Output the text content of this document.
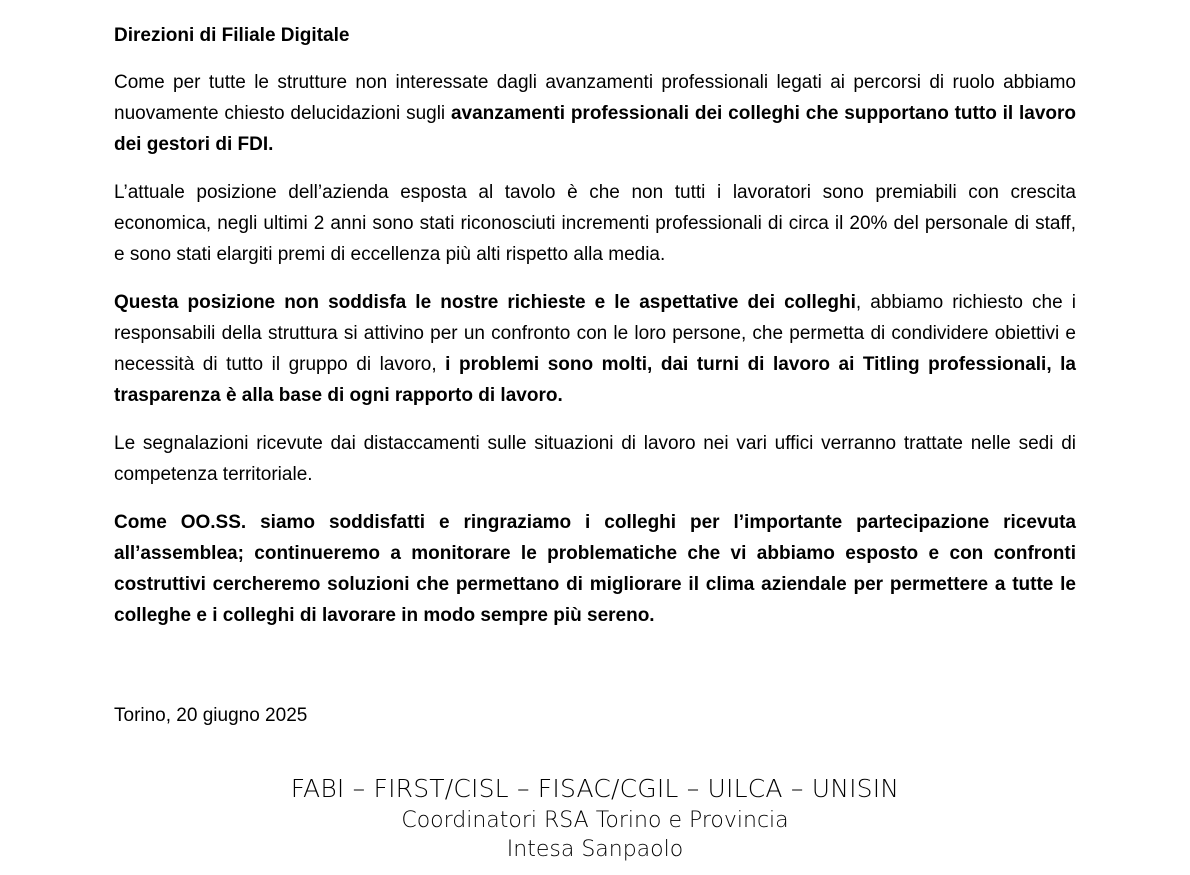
Direzioni di Filiale Digitale

Come per tutte le strutture non interessate dagli avanzamenti professionali legati ai percorsi di ruolo abbiamo nuovamente chiesto delucidazioni sugli avanzamenti professionali dei colleghi che supportano tutto il lavoro dei gestori di FDI.

L’attuale posizione dell’azienda esposta al tavolo è che non tutti i lavoratori sono premiabili con crescita economica, negli ultimi 2 anni sono stati riconosciuti incrementi professionali di circa il 20% del personale di staff, e sono stati elargiti premi di eccellenza più alti rispetto alla media.

Questa posizione non soddisfa le nostre richieste e le aspettative dei colleghi, abbiamo richiesto che i responsabili della struttura si attivino per un confronto con le loro persone, che permetta di condividere obiettivi e necessità di tutto il gruppo di lavoro, i problemi sono molti, dai turni di lavoro ai Titling professionali, la trasparenza è alla base di ogni rapporto di lavoro.

Le segnalazioni ricevute dai distaccamenti sulle situazioni di lavoro nei vari uffici verranno trattate nelle sedi di competenza territoriale.

Come OO.SS. siamo soddisfatti e ringraziamo i colleghi per l’importante partecipazione ricevuta all’assemblea; continueremo a monitorare le problematiche che vi abbiamo esposto e con confronti costruttivi cercheremo soluzioni che permettano di migliorare il clima aziendale per permettere a tutte le colleghe e i colleghi di lavorare in modo sempre più sereno.

Torino, 20 giugno 2025
FABI – FIRST/CISL – FISAC/CGIL – UILCA – UNISIN
Coordinatori RSA Torino e Provincia
Intesa Sanpaolo
